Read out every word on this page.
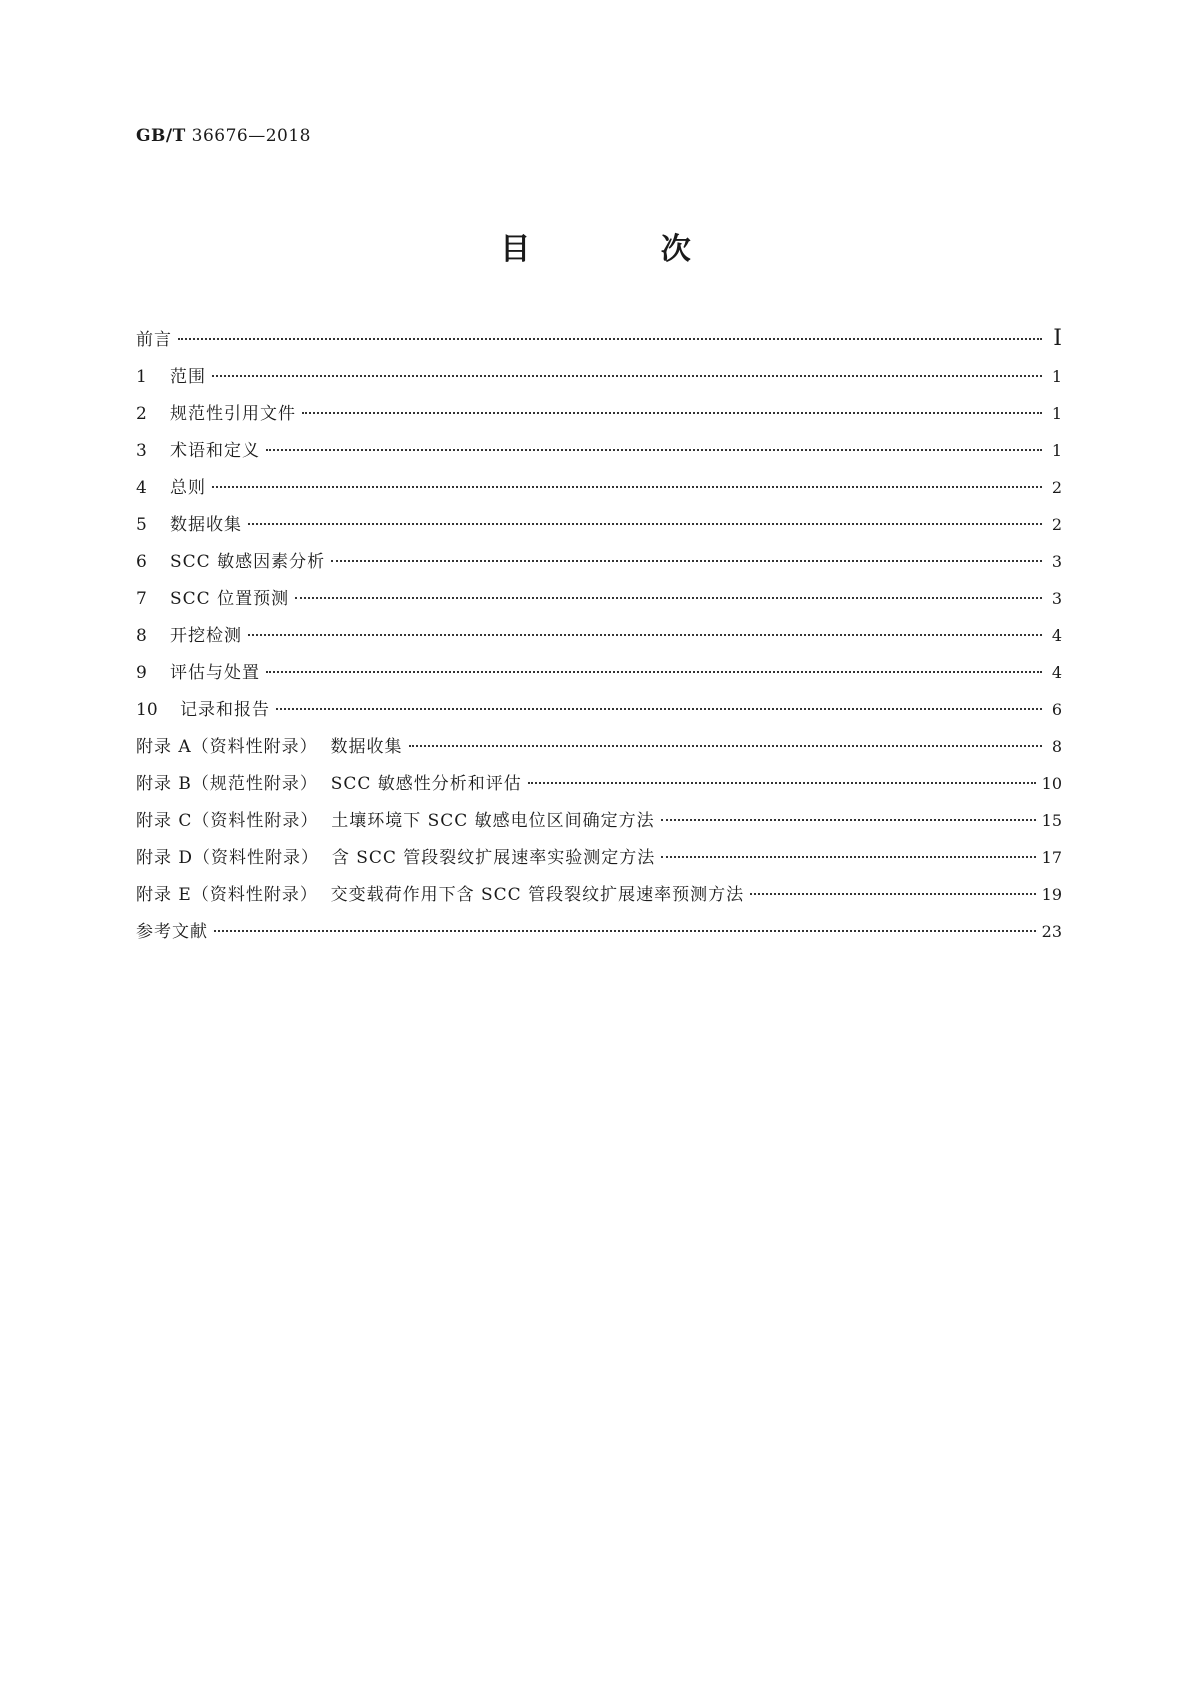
GB/T 36676—2018
目 次
前言	Ⅰ
1	范围	1
2	规范性引用文件	1
3	术语和定义	1
4	总则	2
5	数据收集	2
6	SCC 敏感因素分析	3
7	SCC 位置预测	3
8	开挖检测	4
9	评估与处置	4
10	记录和报告	6
附录 A（资料性附录）  数据收集	8
附录 B（规范性附录）  SCC 敏感性分析和评估	10
附录 C（资料性附录）  土壤环境下 SCC 敏感电位区间确定方法	15
附录 D（资料性附录）  含 SCC 管段裂纹扩展速率实验测定方法	17
附录 E（资料性附录）  交变载荷作用下含 SCC 管段裂纹扩展速率预测方法	19
参考文献	23
